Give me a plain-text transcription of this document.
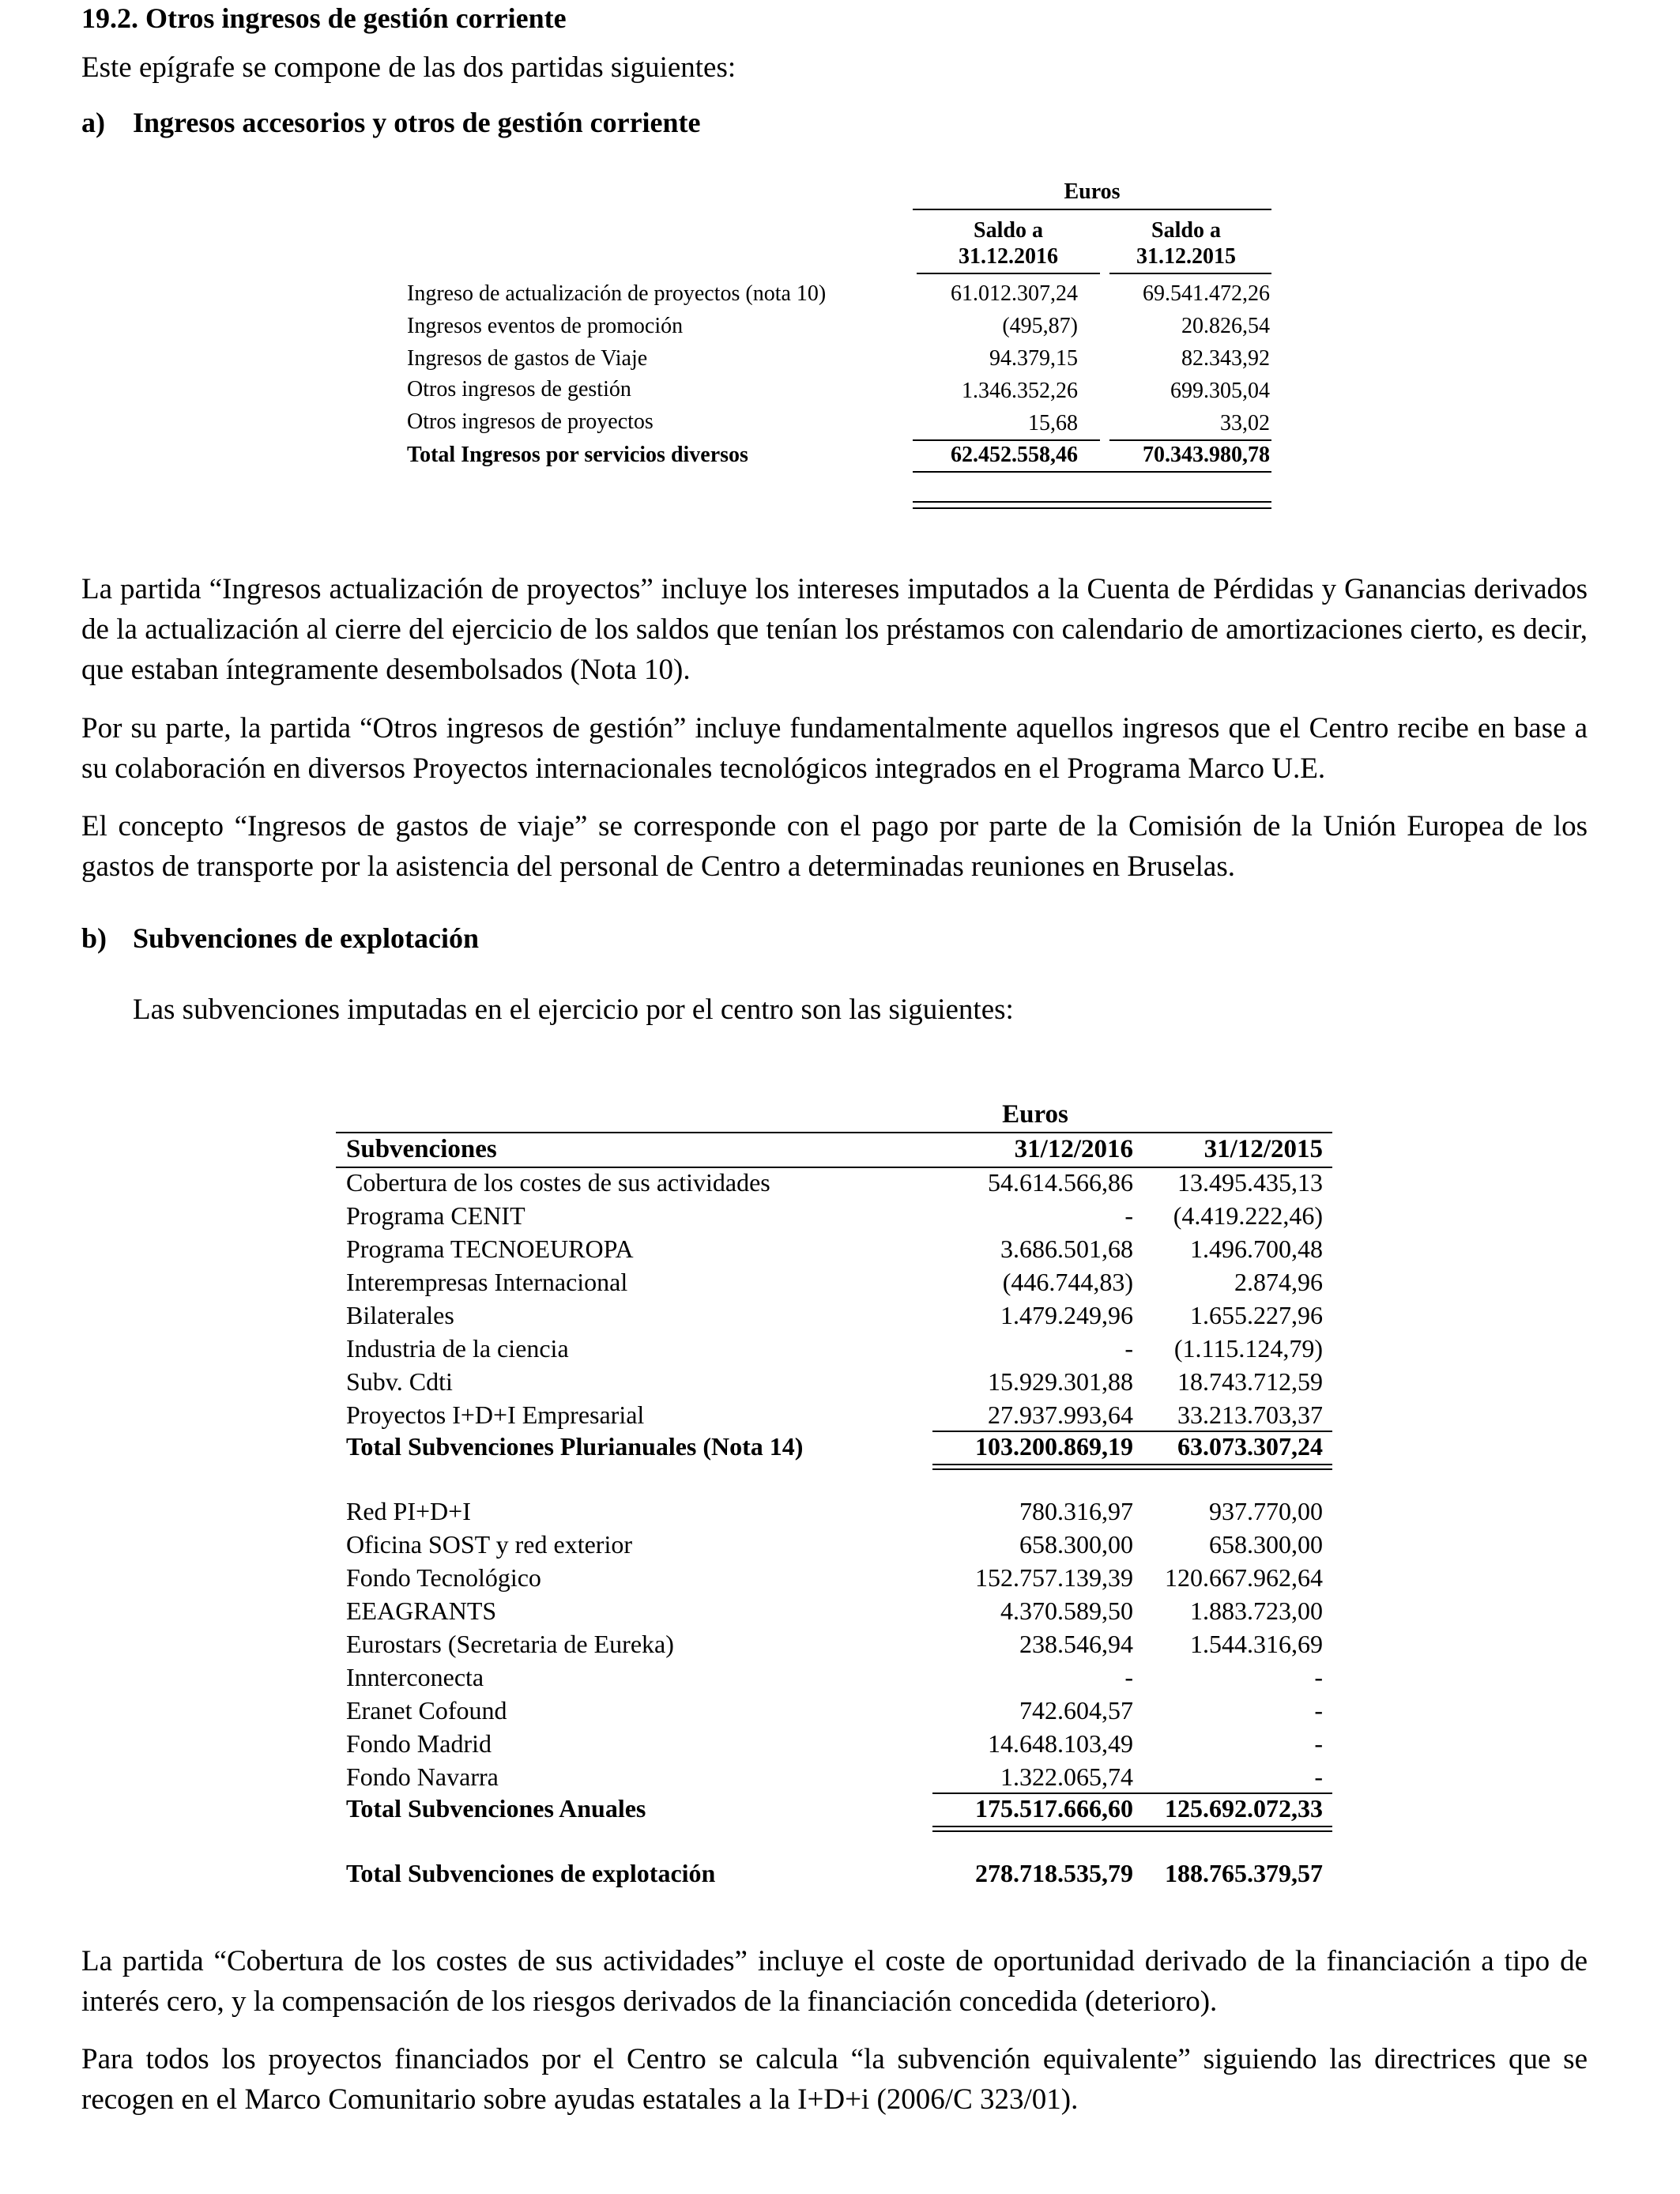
19.2. Otros ingresos de gestión corriente
Este epígrafe se compone de las dos partidas siguientes:
a) Ingresos accesorios y otros de gestión corriente
Euros
Saldo a
31.12.2016
Saldo a
31.12.2015
Ingreso de actualización de proyectos (nota 10)	61.012.307,24	69.541.472,26
Ingresos eventos de promoción	(495,87)	20.826,54
Ingresos de gastos de Viaje	94.379,15	82.343,92
Otros ingresos de gestión	1.346.352,26	699.305,04
Otros ingresos de proyectos	15,68	33,02
Total Ingresos por servicios diversos	62.452.558,46	70.343.980,78
La partida “Ingresos actualización de proyectos” incluye los intereses imputados a la Cuenta de Pérdidas y Ganancias derivados de la actualización al cierre del ejercicio de los saldos que tenían los préstamos con calendario de amortizaciones cierto, es decir, que estaban íntegramente desembolsados (Nota 10).
Por su parte, la partida “Otros ingresos de gestión” incluye fundamentalmente aquellos ingresos que el Centro recibe en base a su colaboración en diversos Proyectos internacionales tecnológicos integrados en el Programa Marco U.E.
El concepto “Ingresos de gastos de viaje” se corresponde con el pago por parte de la Comisión de la Unión Europea de los gastos de transporte por la asistencia del personal de Centro a determinadas reuniones en Bruselas.
b) Subvenciones de explotación
Las subvenciones imputadas en el ejercicio por el centro son las siguientes:
Euros
Subvenciones	31/12/2016	31/12/2015
Cobertura de los costes de sus actividades	54.614.566,86 13.495.435,13
Programa CENIT	- (4.419.222,46)
Programa TECNOEUROPA	3.686.501,68 1.496.700,48
Interempresas Internacional	(446.744,83)	2.874,96
Bilaterales	1.479.249,96 1.655.227,96
Industria de la ciencia	- (1.115.124,79)
Subv. Cdti	15.929.301,88 18.743.712,59
Proyectos I+D+I Empresarial	27.937.993,64 33.213.703,37
Total Subvenciones Plurianuales (Nota 14)	103.200.869,19 63.073.307,24
Red PI+D+I	780.316,97	937.770,00
Oficina SOST y red exterior	658.300,00	658.300,00
Fondo Tecnológico	152.757.139,39 120.667.962,64
EEAGRANTS	4.370.589,50 1.883.723,00
Eurostars (Secretaria de Eureka)	238.546,94 1.544.316,69
Innterconecta	-	-
Eranet Cofound	742.604,57	-
Fondo Madrid	14.648.103,49	-
Fondo Navarra	1.322.065,74	-
Total Subvenciones Anuales	175.517.666,60 125.692.072,33
Total Subvenciones de explotación	278.718.535,79 188.765.379,57
La partida “Cobertura de los costes de sus actividades” incluye el coste de oportunidad derivado de la financiación a tipo de interés cero, y la compensación de los riesgos derivados de la financiación concedida (deterioro).
Para todos los proyectos financiados por el Centro se calcula “la subvención equivalente” siguiendo las directrices que se recogen en el Marco Comunitario sobre ayudas estatales a la I+D+i (2006/C 323/01).
